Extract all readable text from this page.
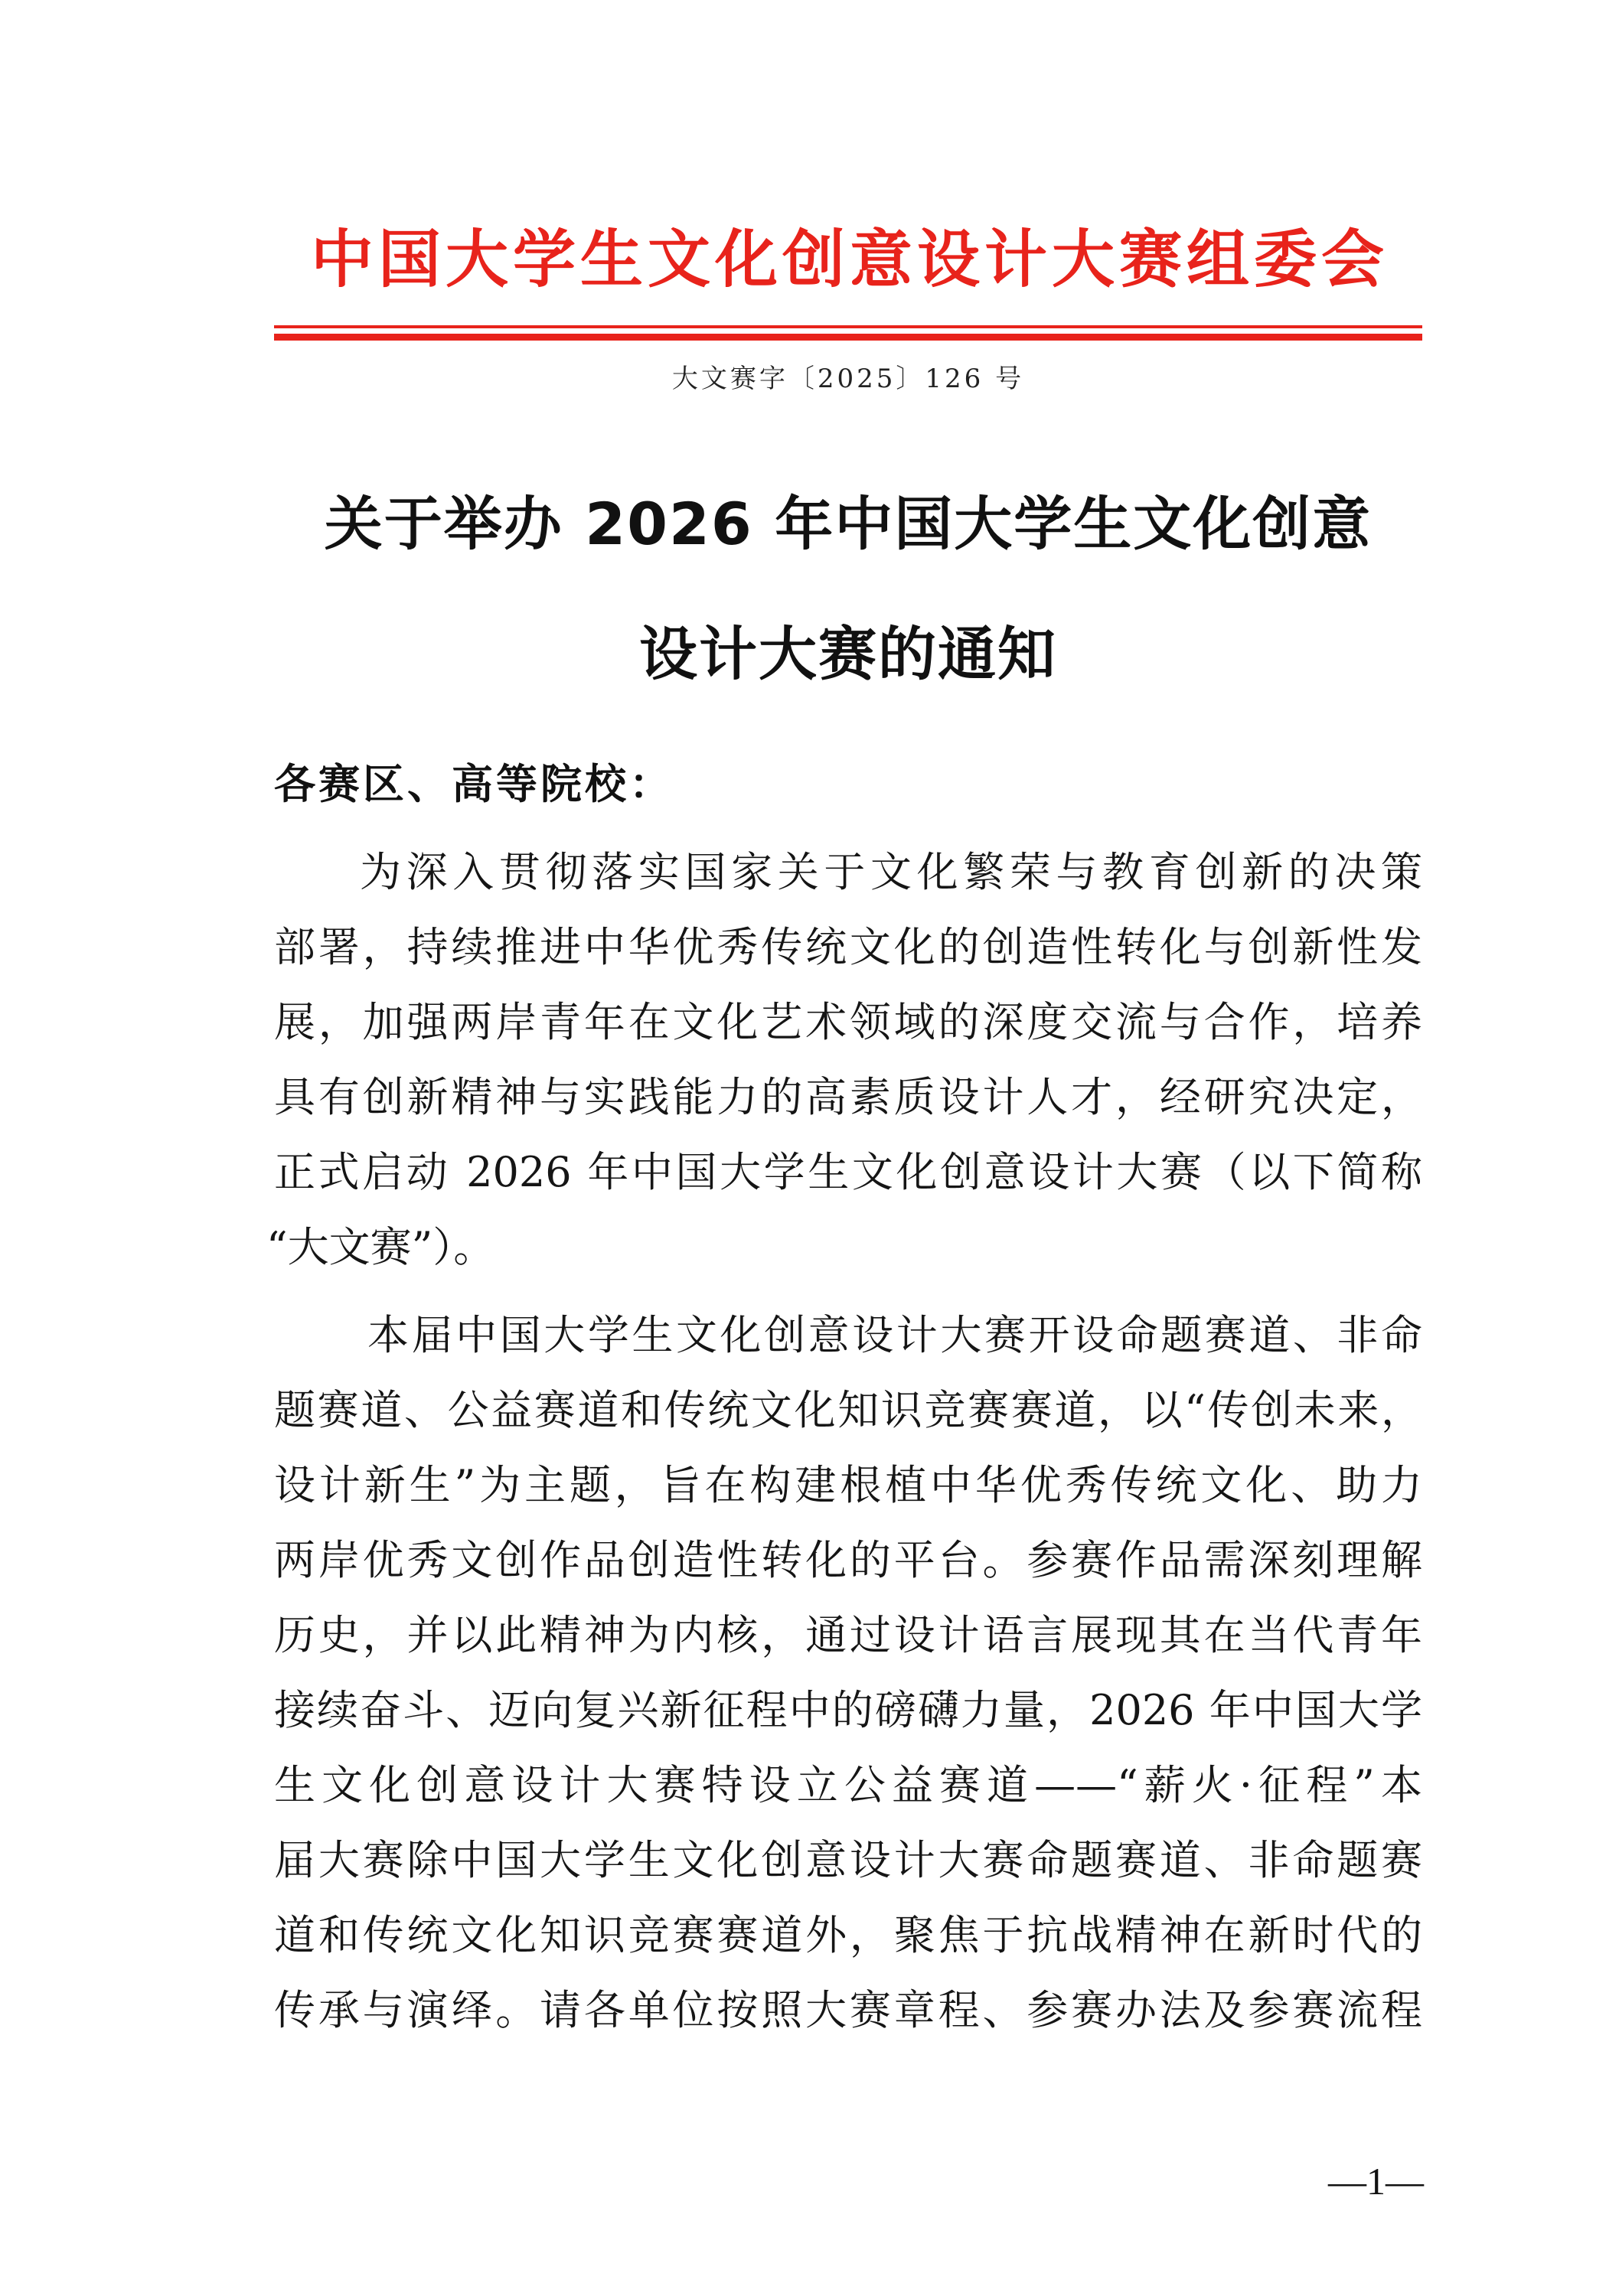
中国大学生文化创意设计大赛组委会
大文赛字〔2025〕126 号
关于举办 2026 年中国大学生文化创意
设计大赛的通知
各赛区、高等院校：
为深入贯彻落实国家关于文化繁荣与教育创新的决策
部署，持续推进中华优秀传统文化的创造性转化与创新性发
展，加强两岸青年在文化艺术领域的深度交流与合作，培养
具有创新精神与实践能力的高素质设计人才，经研究决定，
正式启动 2026 年中国大学生文化创意设计大赛（以下简称
“大文赛”）。
本届中国大学生文化创意设计大赛开设命题赛道、非命
题赛道、公益赛道和传统文化知识竞赛赛道，以“传创未来，
设计新生”为主题，旨在构建根植中华优秀传统文化、助力
两岸优秀文创作品创造性转化的平台。参赛作品需深刻理解
历史，并以此精神为内核，通过设计语言展现其在当代青年
接续奋斗、迈向复兴新征程中的磅礴力量，2026 年中国大学
生文化创意设计大赛特设立公益赛道——“薪火·征程”本
届大赛除中国大学生文化创意设计大赛命题赛道、非命题赛
道和传统文化知识竞赛赛道外，聚焦于抗战精神在新时代的
传承与演绎。请各单位按照大赛章程、参赛办法及参赛流程
—1—
